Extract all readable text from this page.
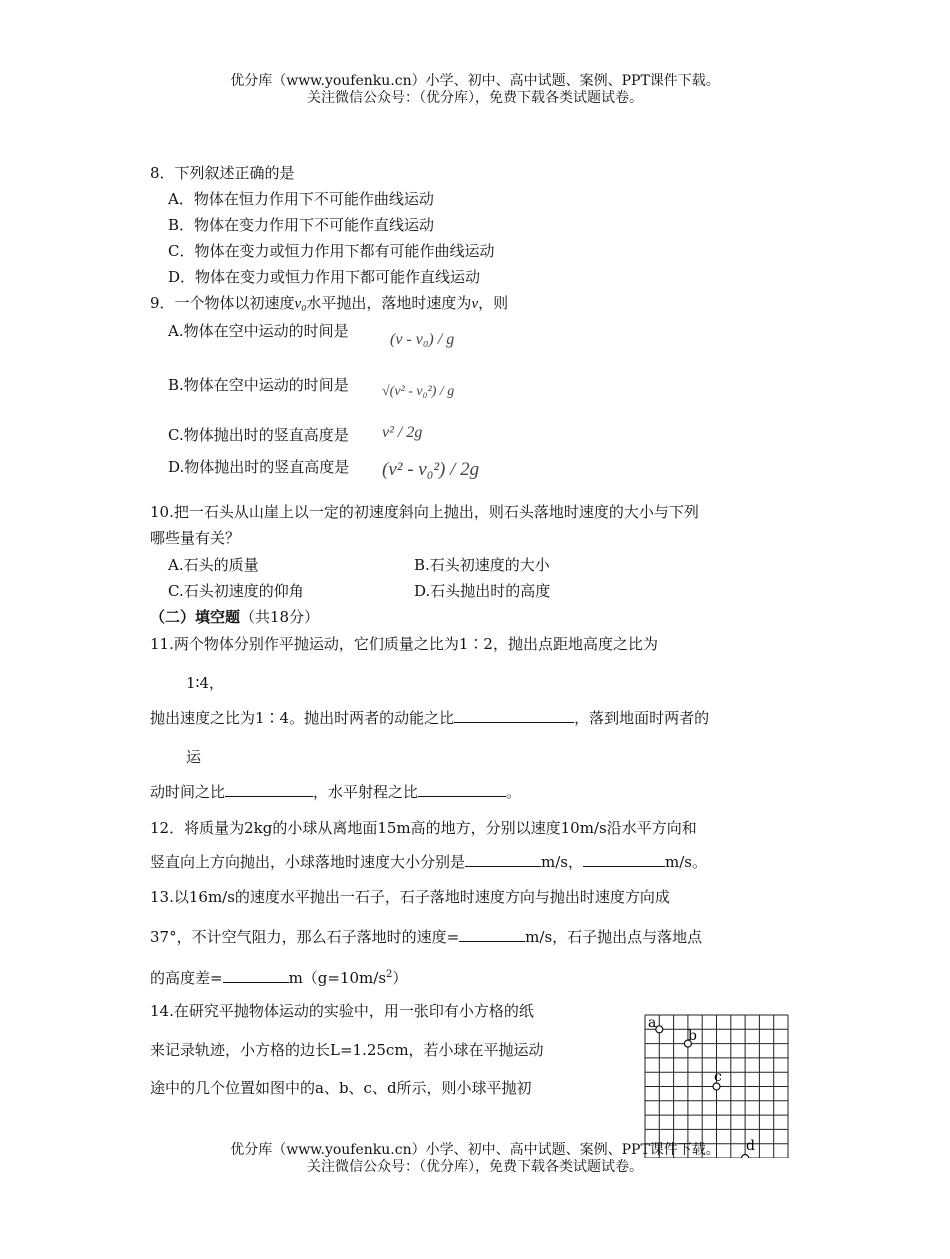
优分库（www.youfenku.cn）小学、初中、高中试题、案例、PPT课件下载。
关注微信公众号：（优分库），免费下载各类试题试卷。
8．下列叙述正确的是
A．物体在恒力作用下不可能作曲线运动
B．物体在变力作用下不可能作直线运动
C．物体在变力或恒力作用下都有可能作曲线运动
D．物体在变力或恒力作用下都可能作直线运动
9．一个物体以初速度v₀水平抛出，落地时速度为v，则
A.物体在空中运动的时间是	(v - v₀) / g
B.物体在空中运动的时间是 √(v² - v₀²) / g
C.物体抛出时的竖直高度是 v² / 2g
D.物体抛出时的竖直高度是 (v² - v₀²) / 2g
10.把一石头从山崖上以一定的初速度斜向上抛出，则石头落地时速度的大小与下列
哪些量有关？
A.石头的质量	B.石头初速度的大小
C.石头初速度的仰角	D.石头抛出时的高度
（二）填空题（共18分）
11.两个物体分别作平抛运动，它们质量之比为1∶2，抛出点距地高度之比为
1∶4，
抛出速度之比为1∶4。抛出时两者的动能之比	，落到地面时两者的
运
动时间之比	，水平射程之比	。
12．将质量为2kg的小球从离地面15m高的地方，分别以速度10m/s沿水平方向和
竖直向上方向抛出，小球落地时速度大小分别是	m/s，	m/s。
13.以16m/s的速度水平抛出一石子，石子落地时速度方向与抛出时速度方向成
37°，不计空气阻力，那么石子落地时的速度=	m/s，石子抛出点与落地点
的高度差=	$m(g=10m/s^2)$
14.在研究平抛物体运动的实验中，用一张印有小方格的纸
来记录轨迹，小方格的边长L=1.25cm，若小球在平抛运动
途中的几个位置如图中的a、b、c、d所示，则小球平抛初
a
b
c
d
优分库（www.youfenku.cn）小学、初中、高中试题、案例、PPT课件下载。
关注微信公众号：（优分库），免费下载各类试题试卷。
